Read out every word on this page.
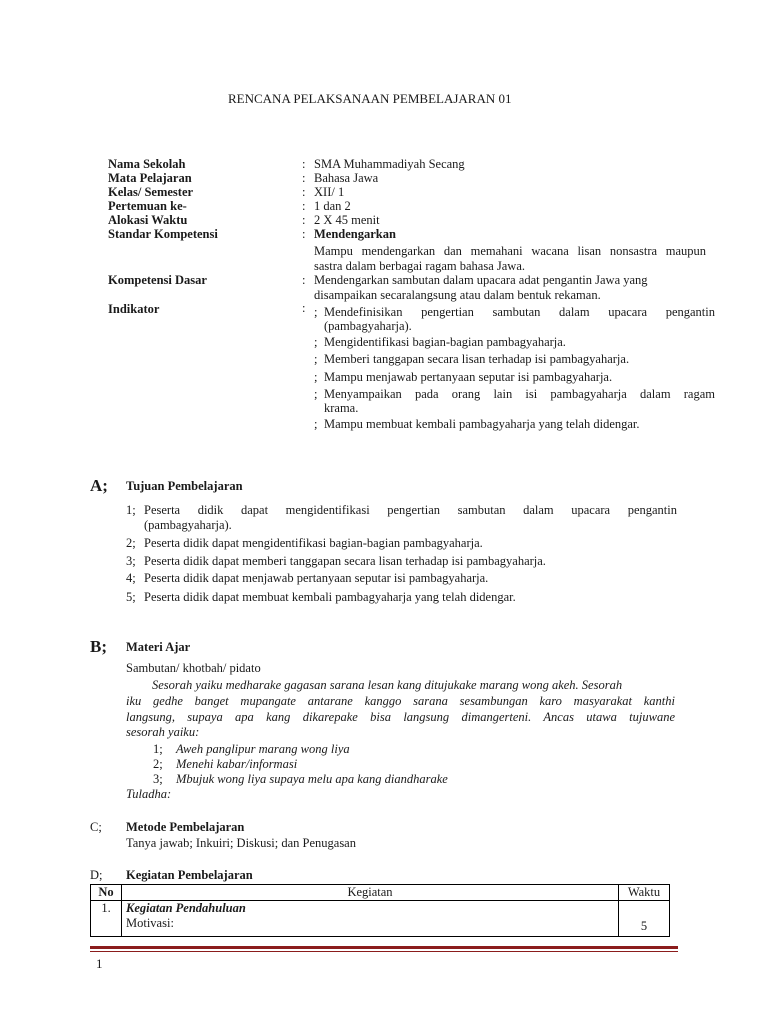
RENCANA PELAKSANAAN PEMBELAJARAN 01
Nama Sekolah	: SMA Muhammadiyah Secang
Mata Pelajaran	: Bahasa Jawa
Kelas/ Semester	: XII/ 1
Pertemuan ke-	: 1 dan 2
Alokasi Waktu	: 2 X 45 menit
Standar Kompetensi	: Mendengarkan
Mampu mendengarkan dan memahani wacana lisan nonsastra maupun
sastra dalam berbagai ragam bahasa Jawa.
Kompetensi Dasar	: Mendengarkan sambutan dalam upacara adat pengantin Jawa yang
disampaikan secaralangsung atau dalam bentuk rekaman.
Indikator	: ; Mendefinisikan pengertian sambutan dalam upacara pengantin
(pambagyaharja).
; Mengidentifikasi bagian-bagian pambagyaharja.
; Memberi tanggapan secara lisan terhadap isi pambagyaharja.
; Mampu menjawab pertanyaan seputar isi pambagyaharja.
; Menyampaikan pada orang lain isi pambagyaharja dalam ragam
krama.
; Mampu membuat kembali pambagyaharja yang telah didengar.
A; Tujuan Pembelajaran
1; Peserta didik dapat mengidentifikasi pengertian sambutan dalam upacara pengantin
(pambagyaharja).
2; Peserta didik dapat mengidentifikasi bagian-bagian pambagyaharja.
3; Peserta didik dapat memberi tanggapan secara lisan terhadap isi pambagyaharja.
4; Peserta didik dapat menjawab pertanyaan seputar isi pambagyaharja.
5; Peserta didik dapat membuat kembali pambagyaharja yang telah didengar.
B; Materi Ajar
Sambutan/ khotbah/ pidato
Sesorah yaiku medharake gagasan sarana lesan kang ditujukake marang wong akeh. Sesorah
iku gedhe banget mupangate antarane kanggo sarana sesambungan karo masyarakat kanthi
langsung, supaya apa kang dikarepake bisa langsung dimangerteni. Ancas utawa tujuwane
sesorah yaiku:
1; Aweh panglipur marang wong liya
2; Menehi kabar/informasi
3; Mbujuk wong liya supaya melu apa kang diandharake
Tuladha:
C; Metode Pembelajaran
Tanya jawab; Inkuiri; Diskusi; dan Penugasan
D; Kegiatan Pembelajaran
No	Kegiatan	Waktu
1.	Kegiatan Pendahuluan	
	Motivasi:	5
1
